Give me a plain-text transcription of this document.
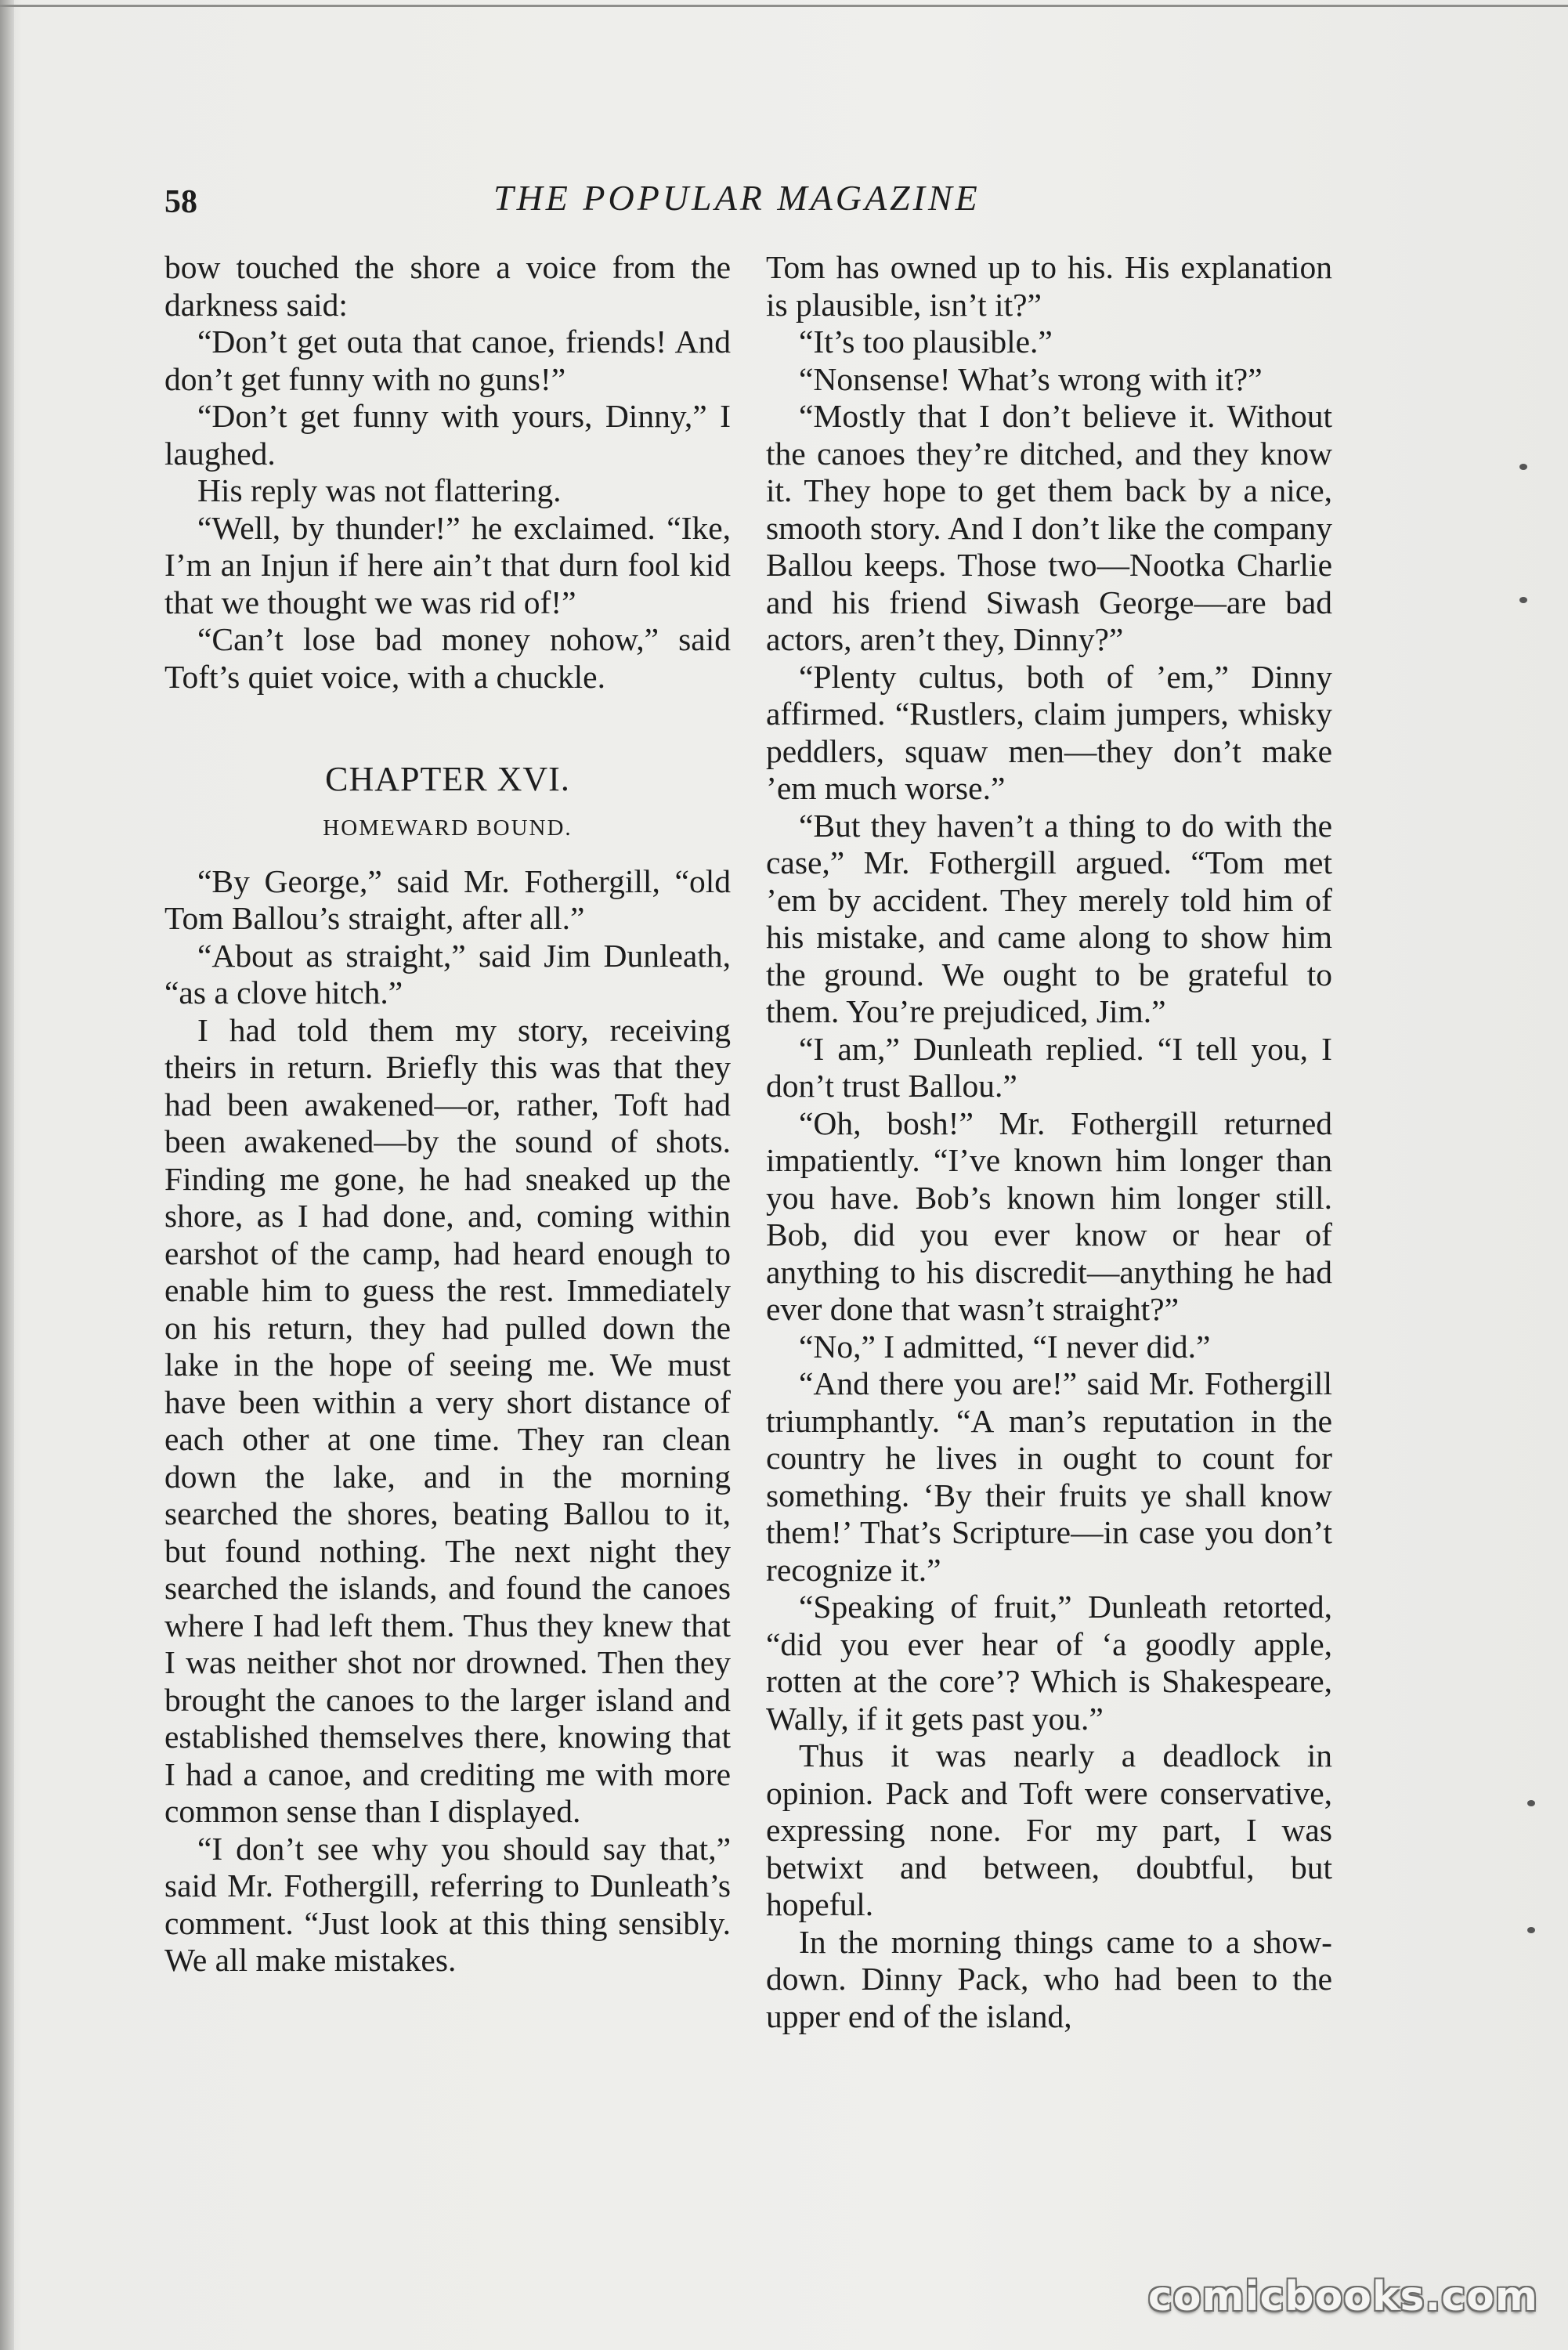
58	THE POPULAR MAGAZINE

bow touched the shore a voice from the darkness said:

“Don’t get outa that canoe, friends! And don’t get funny with no guns!”

“Don’t get funny with yours, Dinny,” I laughed.

His reply was not flattering.

“Well, by thunder!” he exclaimed. “Ike, I’m an Injun if here ain’t that durn fool kid that we thought we was rid of!”

“Can’t lose bad money nohow,” said Toft’s quiet voice, with a chuckle.

CHAPTER XVI.
HOMEWARD BOUND.

“By George,” said Mr. Fothergill, “old Tom Ballou’s straight, after all.”

“About as straight,” said Jim Dunleath, “as a clove hitch.”

I had told them my story, receiving theirs in return. Briefly this was that they had been awakened—or, rather, Toft had been awakened—by the sound of shots. Finding me gone, he had sneaked up the shore, as I had done, and, coming within earshot of the camp, had heard enough to enable him to guess the rest. Immediately on his return, they had pulled down the lake in the hope of seeing me. We must have been within a very short distance of each other at one time. They ran clean down the lake, and in the morning searched the shores, beating Ballou to it, but found nothing. The next night they searched the islands, and found the canoes where I had left them. Thus they knew that I was neither shot nor drowned. Then they brought the canoes to the larger island and established themselves there, knowing that I had a canoe, and crediting me with more common sense than I displayed.

“I don’t see why you should say that,” said Mr. Fothergill, referring to Dunleath’s comment. “Just look at this thing sensibly. We all make mistakes.

Tom has owned up to his. His explanation is plausible, isn’t it?”

“It’s too plausible.”

“Nonsense! What’s wrong with it?”

“Mostly that I don’t believe it. Without the canoes they’re ditched, and they know it. They hope to get them back by a nice, smooth story. And I don’t like the company Ballou keeps. Those two—Nootka Charlie and his friend Siwash George—are bad actors, aren’t they, Dinny?”

“Plenty cultus, both of ’em,” Dinny affirmed. “Rustlers, claim jumpers, whisky peddlers, squaw men—they don’t make ’em much worse.”

“But they haven’t a thing to do with the case,” Mr. Fothergill argued. “Tom met ’em by accident. They merely told him of his mistake, and came along to show him the ground. We ought to be grateful to them. You’re prejudiced, Jim.”

“I am,” Dunleath replied. “I tell you, I don’t trust Ballou.”

“Oh, bosh!” Mr. Fothergill returned impatiently. “I’ve known him longer than you have. Bob’s known him longer still. Bob, did you ever know or hear of anything to his discredit—anything he had ever done that wasn’t straight?”

“No,” I admitted, “I never did.”

“And there you are!” said Mr. Fothergill triumphantly. “A man’s reputation in the country he lives in ought to count for something. ‘By their fruits ye shall know them!’ That’s Scripture—in case you don’t recognize it.”

“Speaking of fruit,” Dunleath retorted, “did you ever hear of ‘a goodly apple, rotten at the core’? Which is Shakespeare, Wally, if it gets past you.”

Thus it was nearly a deadlock in opinion. Pack and Toft were conservative, expressing none. For my part, I was betwixt and between, doubtful, but hopeful.

In the morning things came to a show-down. Dinny Pack, who had been to the upper end of the island,

comicbooks.com
